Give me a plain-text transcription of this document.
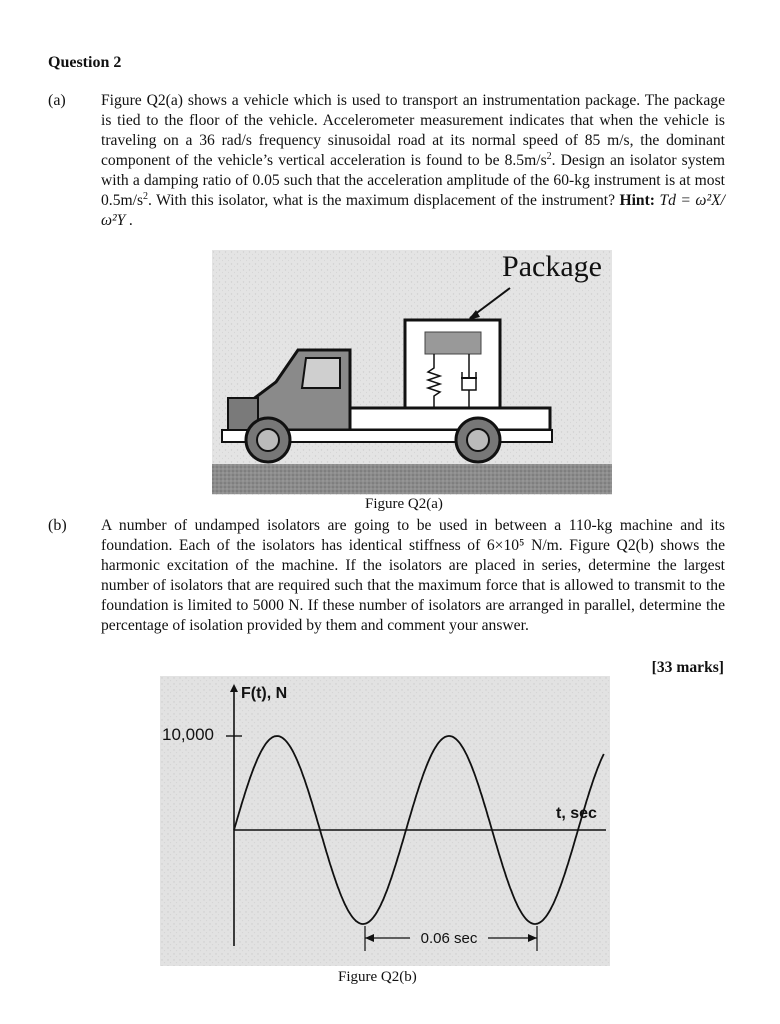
Question 2
(a) Figure Q2(a) shows a vehicle which is used to transport an instrumentation package. The package is tied to the floor of the vehicle. Accelerometer measurement indicates that when the vehicle is traveling on a 36 rad/s frequency sinusoidal road at its normal speed of 85 m/s, the dominant component of the vehicle’s vertical acceleration is found to be $8.5m/s^2$. Design an isolator system with a damping ratio of 0.05 such that the acceleration amplitude of the 60-kg instrument is at most $0.5m/s^2$. With this isolator, what is the maximum displacement of the instrument? Hint: Td = ω²X/ω²Y .

Package
Figure Q2(a)
(b) A number of undamped isolators are going to be used in between a 110-kg machine and its foundation. Each of the isolators has identical stiffness of 6×10⁵ N/m. Figure Q2(b) shows the harmonic excitation of the machine. If the isolators are placed in series, determine the largest number of isolators that are required such that the maximum force that is allowed to transmit to the foundation is limited to 5000 N. If these number of isolators are arranged in parallel, determine the percentage of isolation provided by them and comment your answer.

[33 marks]
10,000
F(t), N
t, sec
0.06 sec
Figure Q2(b)
